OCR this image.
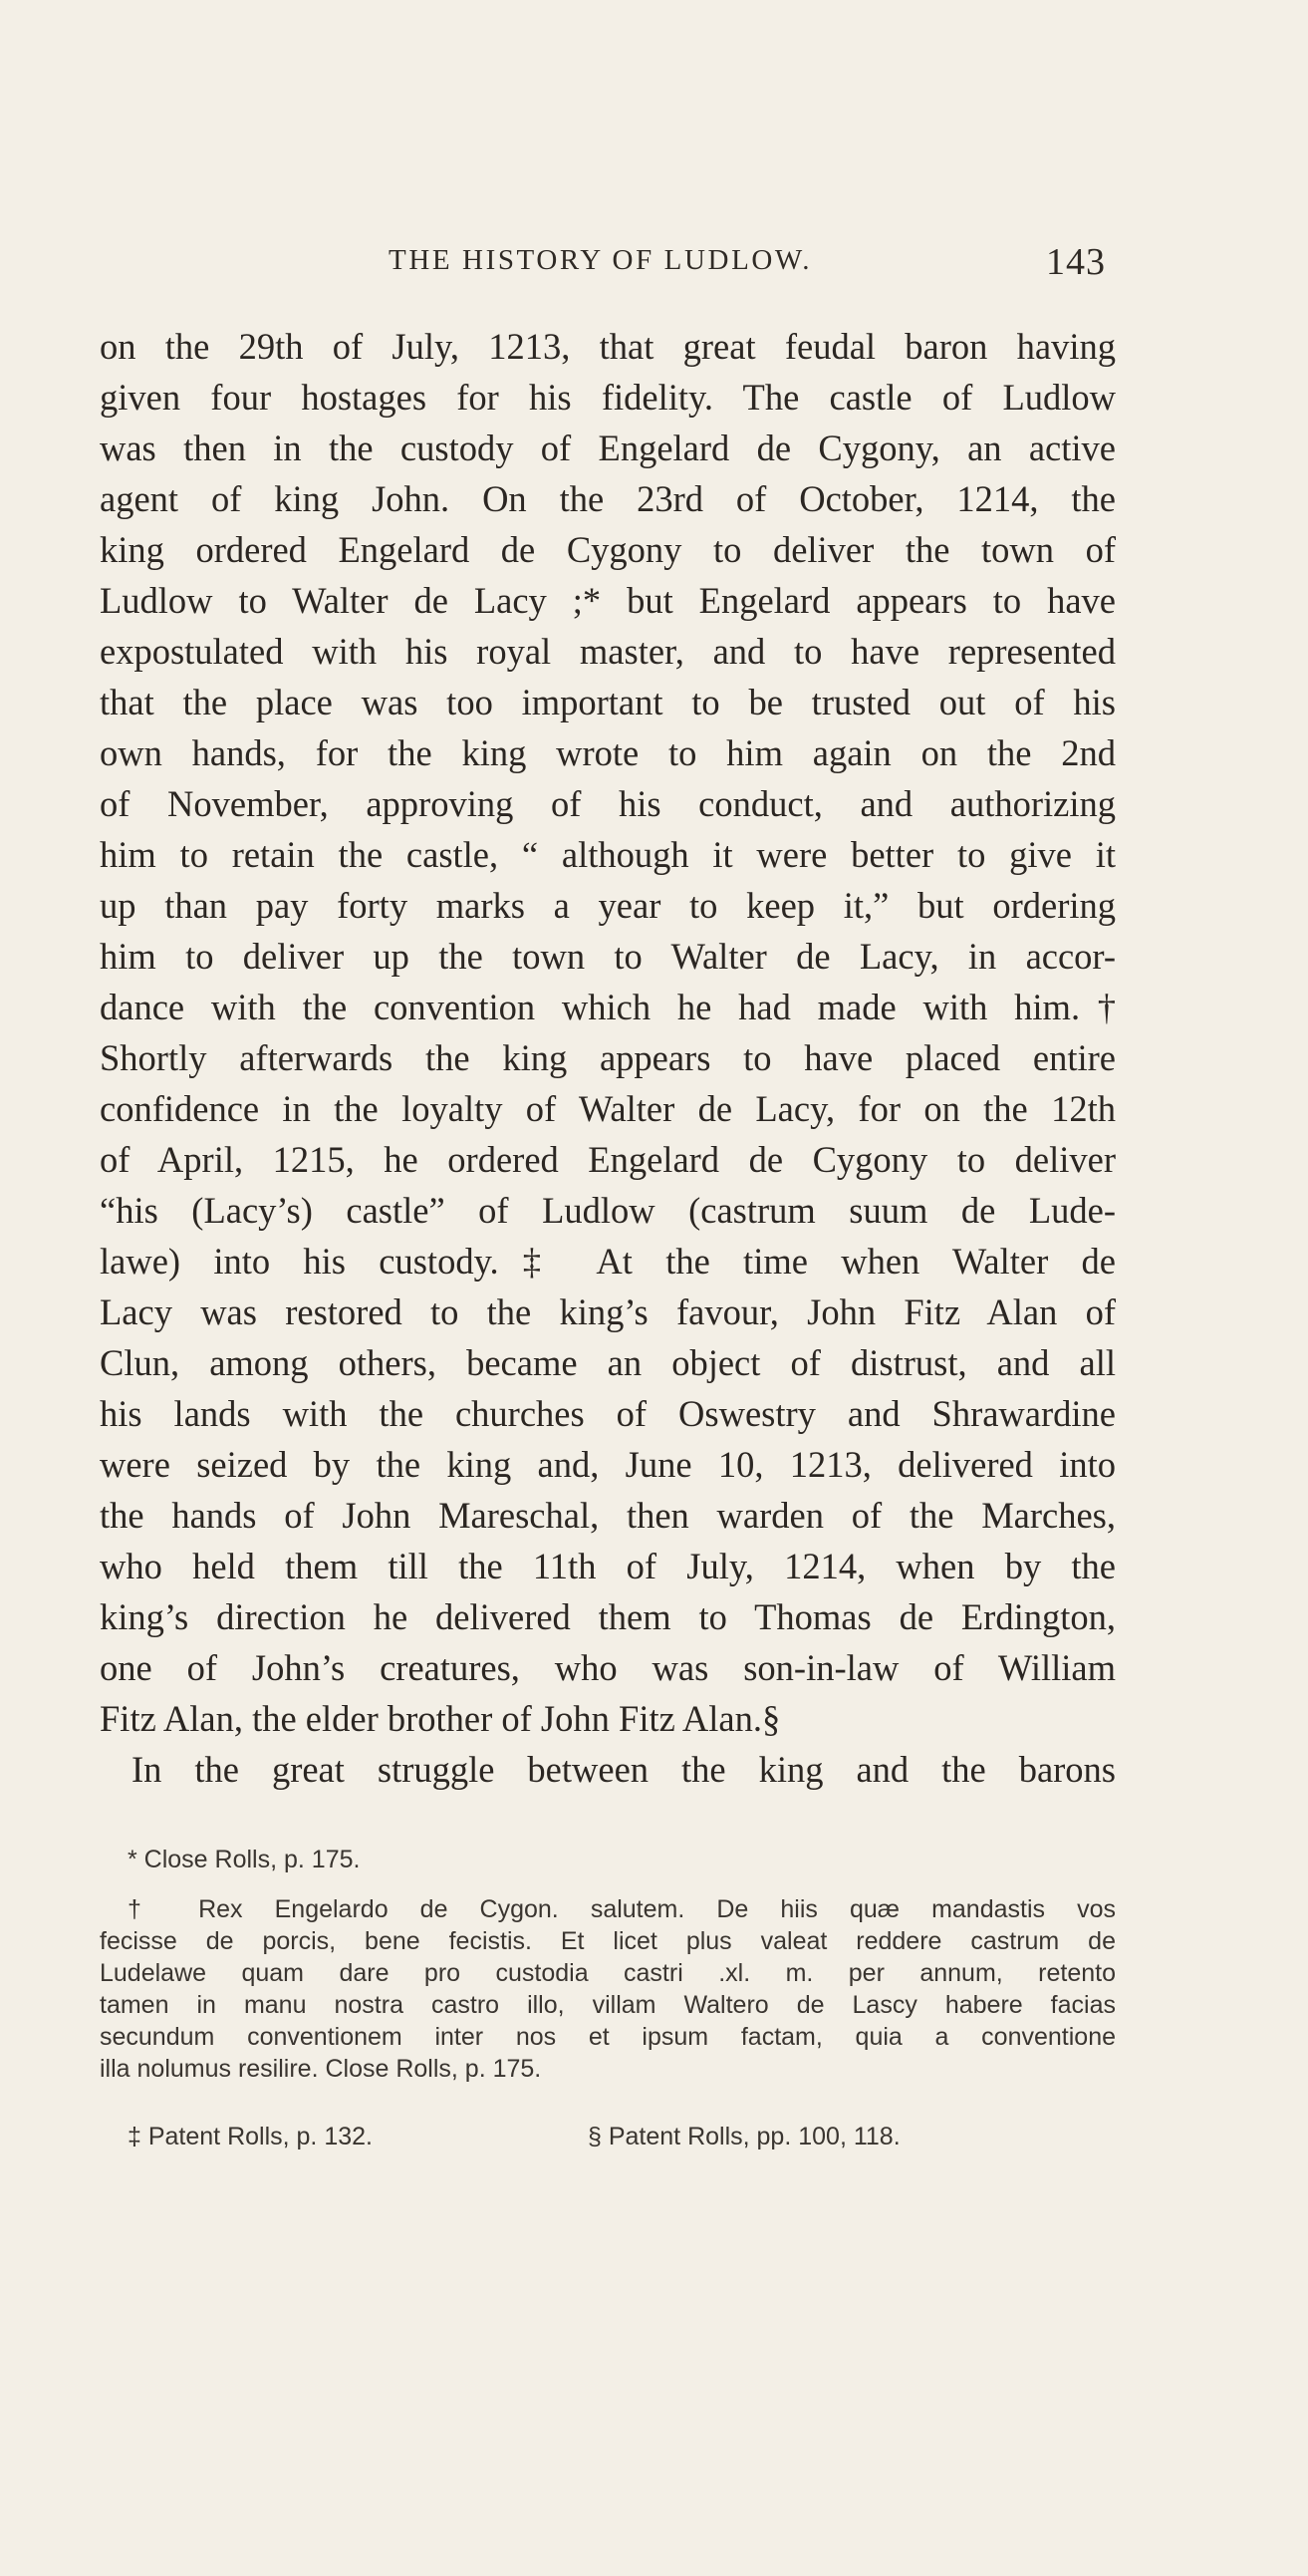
THE HISTORY OF LUDLOW.	143
on the 29th of July, 1213, that great feudal baron having
given four hostages for his fidelity. The castle of Ludlow
was then in the custody of Engelard de Cygony, an active
agent of king John. On the 23rd of October, 1214, the
king ordered Engelard de Cygony to deliver the town of
Ludlow to Walter de Lacy ;* but Engelard appears to have
expostulated with his royal master, and to have represented
that the place was too important to be trusted out of his
own hands, for the king wrote to him again on the 2nd
of November, approving of his conduct, and authorizing
him to retain the castle, “ although it were better to give it
up than pay forty marks a year to keep it,” but ordering
him to deliver up the town to Walter de Lacy, in accor-
dance with the convention which he had made with him.†
Shortly afterwards the king appears to have placed entire
confidence in the loyalty of Walter de Lacy, for on the 12th
of April, 1215, he ordered Engelard de Cygony to deliver
“his (Lacy’s) castle” of Ludlow (castrum suum de Lude-
lawe) into his custody.‡ At the time when Walter de
Lacy was restored to the king’s favour, John Fitz Alan of
Clun, among others, became an object of distrust, and all
his lands with the churches of Oswestry and Shrawardine
were seized by the king and, June 10, 1213, delivered into
the hands of John Mareschal, then warden of the Marches,
who held them till the 11th of July, 1214, when by the
king’s direction he delivered them to Thomas de Erdington,
one of John’s creatures, who was son-in-law of William
Fitz Alan, the elder brother of John Fitz Alan.§
In the great struggle between the king and the barons
* Close Rolls, p. 175.
† Rex Engelardo de Cygon. salutem. De hiis quæ mandastis vos
fecisse de porcis, bene fecistis. Et licet plus valeat reddere castrum de
Ludelawe quam dare pro custodia castri .xl. m. per annum, retento
tamen in manu nostra castro illo, villam Waltero de Lascy habere facias
secundum conventionem inter nos et ipsum factam, quia a conventione
illa nolumus resilire. Close Rolls, p. 175.
‡ Patent Rolls, p. 132.	§ Patent Rolls, pp. 100, 118.
